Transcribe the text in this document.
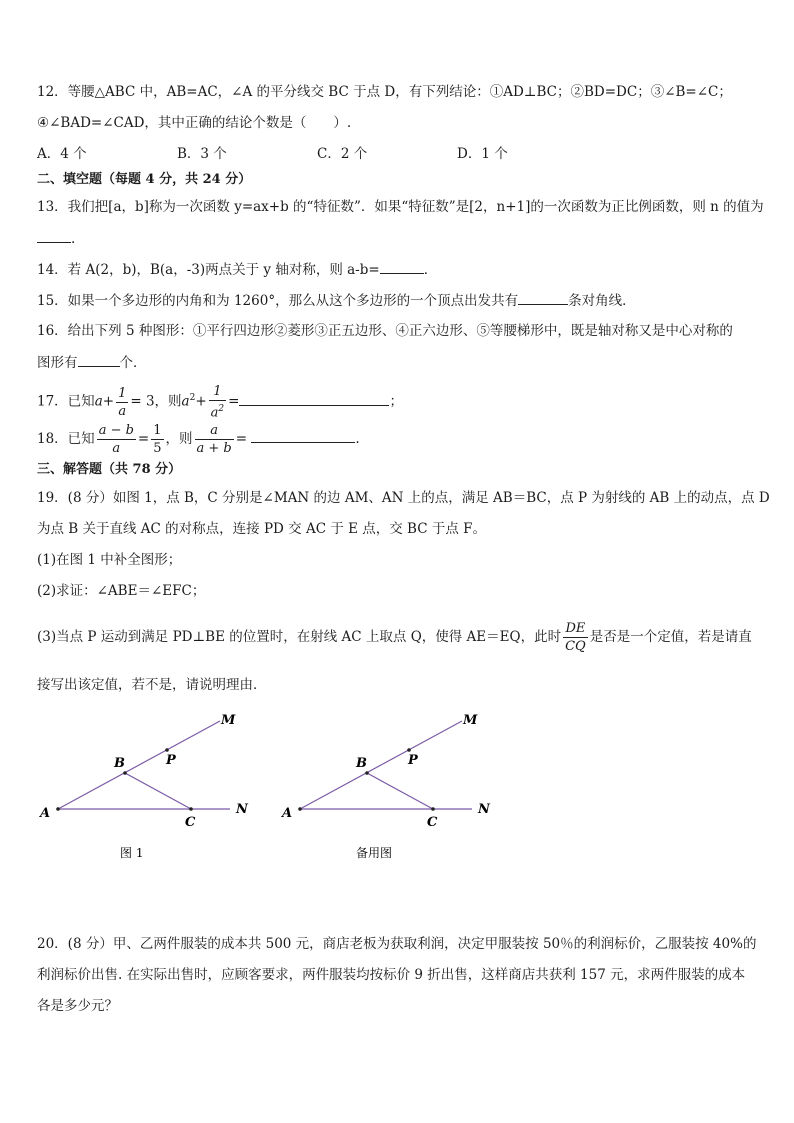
12．等腰△ABC 中，AB=AC，∠A 的平分线交 BC 于点 D，有下列结论：①AD⊥BC；②BD=DC；③∠B=∠C；
④∠BAD=∠CAD，其中正确的结论个数是（　　）.
A．4 个	B．3 个	C．2 个	D．1 个
二、填空题（每题 4 分，共 24 分）
13．我们把[a，b]称为一次函数 y=ax+b 的“特征数”．如果“特征数”是[2，n+1]的一次函数为正比例函数，则 n 的值为
.
14．若 A(2，b)，B(a，-3)两点关于 y 轴对称，则 a-b=	．
15．如果一个多边形的内角和为 1260°，那么从这个多边形的一个顶点出发共有	条对角线．
16．给出下列 5 种图形：①平行四边形②菱形③正五边形、④正六边形、⑤等腰梯形中，既是轴对称又是中心对称的
图形有	个．
17．已知$a+ \frac{1}{a} = 3$，则$a^2+ \frac{1}{a^2}$ =	；
18．已知 $\frac{a - b}{a} = \frac{1}{5}$ ，则 $\frac{a}{a + b}$ =	.
三、解答题（共 78 分）
19．(8 分）如图 1，点 B，C 分别是∠MAN 的边 AM、AN 上的点，满足 AB＝BC，点 P 为射线的 AB 上的动点，点 D
为点 B 关于直线 AC 的对称点，连接 PD 交 AC 于 E 点，交 BC 于点 F。
(1)在图 1 中补全图形；
(2)求证：∠ABE＝∠EFC；
(3)当点 P 运动到满足 PD⊥BE 的位置时，在射线 AC 上取点 Q，使得 AE＝EQ，此时 $\frac{DE}{CQ}$ 是否是一个定值，若是请直
接写出该定值，若不是，请说明理由．
M
B	P
A
C
N
图 1
M
B	P
A
C
N
备用图
20．(8 分）甲、乙两件服装的成本共 500 元，商店老板为获取利润，决定甲服装按 50％的利润标价，乙服装按 40%的
利润标价出售. 在实际出售时，应顾客要求，两件服装均按标价 9 折出售，这样商店共获利 157 元，求两件服装的成本
各是多少元？
